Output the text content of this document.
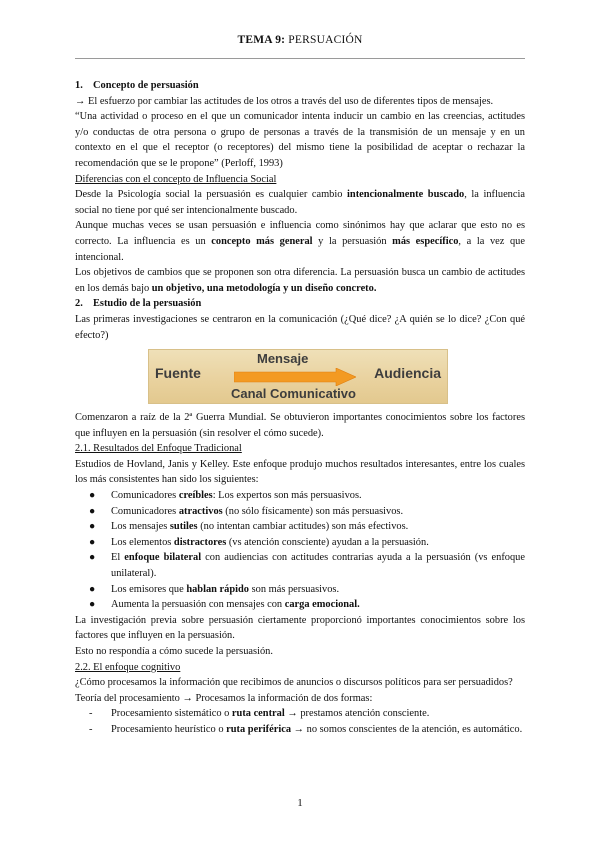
TEMA 9: PERSUACIÓN

1. Concepto de persuasión

→ El esfuerzo por cambiar las actitudes de los otros a través del uso de diferentes tipos de mensajes.

“Una actividad o proceso en el que un comunicador intenta inducir un cambio en las creencias, actitudes y/o conductas de otra persona o grupo de personas a través de la transmisión de un mensaje y en un contexto en el que el receptor (o receptores) del mismo tiene la posibilidad de aceptar o rechazar la recomendación que se le propone” (Perloff, 1993)

Diferencias con el concepto de Influencia Social

Desde la Psicología social la persuasión es cualquier cambio intencionalmente buscado, la influencia social no tiene por qué ser intencionalmente buscado.

Aunque muchas veces se usan persuasión e influencia como sinónimos hay que aclarar que esto no es correcto. La influencia es un concepto más general y la persuasión más específico, a la vez que intencional.

Los objetivos de cambios que se proponen son otra diferencia. La persuasión busca un cambio de actitudes en los demás bajo un objetivo, una metodología y un diseño concreto.

2. Estudio de la persuasión

Las primeras investigaciones se centraron en la comunicación (¿Qué dice? ¿A quién se lo dice? ¿Con qué efecto?)

Fuente
Mensaje
Audiencia
Canal Comunicativo

Comenzaron a raíz de la 2ª Guerra Mundial. Se obtuvieron importantes conocimientos sobre los factores que influyen en la persuasión (sin resolver el cómo sucede).

2.1. Resultados del Enfoque Tradicional

Estudios de Hovland, Janis y Kelley. Este enfoque produjo muchos resultados interesantes, entre los cuales los más consistentes han sido los siguientes:

● Comunicadores creíbles: Los expertos son más persuasivos.
● Comunicadores atractivos (no sólo físicamente) son más persuasivos.
● Los mensajes sutiles (no intentan cambiar actitudes) son más efectivos.
● Los elementos distractores (vs atención consciente) ayudan a la persuasión.
● El enfoque bilateral con audiencias con actitudes contrarias ayuda a la persuasión (vs enfoque unilateral).
● Los emisores que hablan rápido son más persuasivos.
● Aumenta la persuasión con mensajes con carga emocional.

La investigación previa sobre persuasión ciertamente proporcionó importantes conocimientos sobre los factores que influyen en la persuasión.

Esto no respondía a cómo sucede la persuasión.

2.2. El enfoque cognitivo

¿Cómo procesamos la información que recibimos de anuncios o discursos políticos para ser persuadidos?

Teoría del procesamiento → Procesamos la información de dos formas:

- Procesamiento sistemático o ruta central → prestamos atención consciente.
- Procesamiento heurístico o ruta periférica → no somos conscientes de la atención, es automático.
1
